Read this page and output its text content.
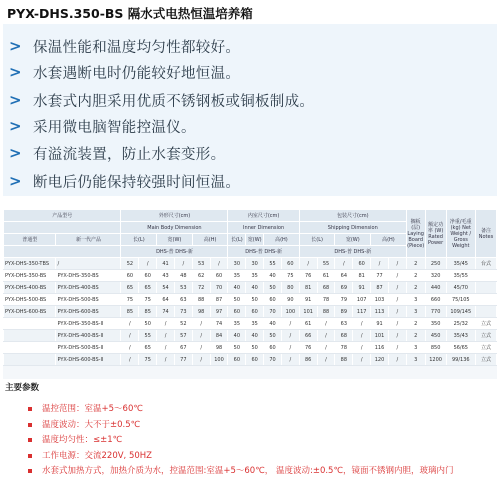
PYX-DHS.350-BS 隔水式电热恒温培养箱
> 保温性能和温度均匀性都较好。
> 水套遇断电时仍能较好地恒温。
> 水套式内胆采用优质不锈钢板或铜板制成。
> 采用微电脑智能控温仪。
> 有溢流装置，防止水套变形。
> 断电后仍能保持较强时间恒温。
产品型号		外形尺寸(cm)						内室尺寸(cm)				包装尺寸(cm)						搁板(层) Laying Board (Piece)	额定功率 (W) Rated Power	净重/毛重 (kg) Net Weight / Gross Weight	备注 Notes
		Main Body Dimension						Inner Dimension				Shipping Dimension									
普通型	新一代产品	长(L)		宽(W)		高(H)		长(L)	宽(W)	高(H)		长(L)		宽(W)		高(H)					
		DHS-普 DHS-新						DHS-普 DHS-新				DHS-普 DHS-新									
PYX-DHS-350-TBS	/	52	/	41	/	53	/	30	30	55	60	/	55	/	60	/	/	2	250	35/45	台式
PYX-DHS-350-BS	PYX-DHS-350-BS	60	60	43	48	62	60	35	35	40	75	76	61	64	81	77	/	2	320	35/55	
PYX-DHS-400-BS	PYX-DHS-400-BS	65	65	54	53	72	70	40	40	50	80	81	68	69	91	87	/	2	440	45/70	
PYX-DHS-500-BS	PYX-DHS-500-BS	75	75	64	63	88	87	50	50	60	90	91	78	79	107	103	/	3	660	75/105	
PYX-DHS-600-BS	PYX-DHS-600-BS	85	85	74	73	98	97	60	60	70	100	101	88	89	117	113	/	3	770	109/145	
	PYX-DHS-350-BS-II	/	50	/	52	/	74	35	35	40	/	61	/	63	/	91	/	2	350	25/32	立式
	PYX-DHS-400-BS-II	/	55	/	57	/	84	40	40	50	/	66	/	68	/	101	/	2	450	35/43	立式
	PYX-DHS-500-BS-II	/	65	/	67	/	98	50	50	60	/	76	/	78	/	116	/	3	850	56/65	立式
	PYX-DHS-600-BS-II	/	75	/	77	/	100	60	60	70	/	86	/	88	/	120	/	3	1200	99/136	立式
主要参数
温控范围：室温+5～60℃
温度波动：大不于±0.5℃
温度均匀性：≤±1℃
工作电源：交流220V, 50HZ
水套式加热方式，加热介质为水，控温范围:室温+5～60℃， 温度波动:±0.5℃，镜面不锈钢内胆，玻璃内门
